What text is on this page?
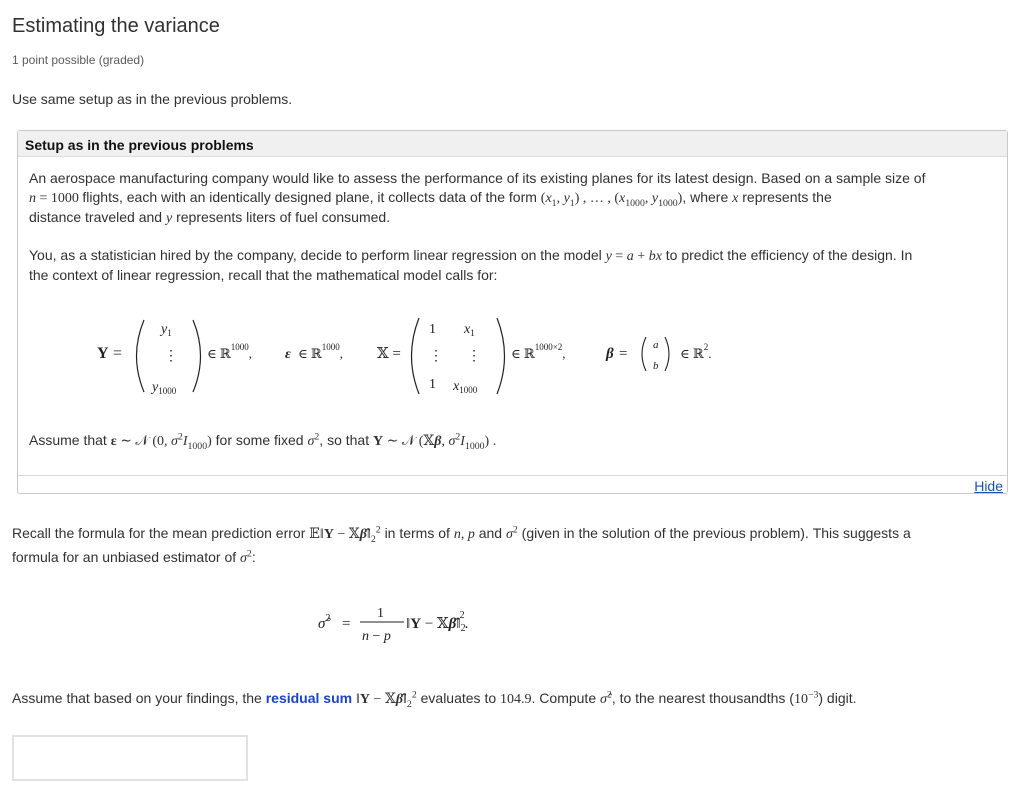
Estimating the variance
1 point possible (graded)
Use same setup as in the previous problems.
Setup as in the previous problems
An aerospace manufacturing company would like to assess the performance of its existing planes for its latest design. Based on a sample size of
n = 1000 flights, each with an identically designed plane, it collects data of the form ($x_1$, $y_1$) , … , ($x_{1000}$, $y_{1000}$), where x represents the
distance traveled and y represents liters of fuel consumed.
You, as a statistician hired by the company, decide to perform linear regression on the model y = a + bx to predict the efficiency of the design. In
the context of linear regression, recall that the mathematical model calls for:
Assume that ε ∼ 𝒩 (0, $\sigma^2I_{1000}$) for some fixed $\sigma^2$, so that Y ∼ 𝒩 (𝕏β, $\sigma^2I_{1000}$) .
Hide
Y =
$y_1$
⋮
$y_{1000}$
∈ ℝ$^{1000}$, ε ∈ ℝ$^{1000}$, 𝕏 =
1 $x_1$
⋮ ⋮
1 $x_{1000}$
∈ ℝ$^{1000\times 2}$,	β =
a
b
∈ ℝ$^2$.
Recall the formula for the mean prediction error 𝔼‖Y − $𝕏\betâ‖_2^2$ in terms of n, p and $\sigma^2$ (given in the solution of the previous problem). This suggests a
formula for an unbiased estimator of $\sigma^2$:
σ̂$^2$ =
1
n − p
‖Y − $𝕏\betâ‖_22$.
Assume that based on your findings, the residual sum ‖Y − $𝕏\betâ‖_2^2$ evaluates to 104.9. Compute σ̂$^2$, to the nearest thousandths $(10^{-3})$ digit.
